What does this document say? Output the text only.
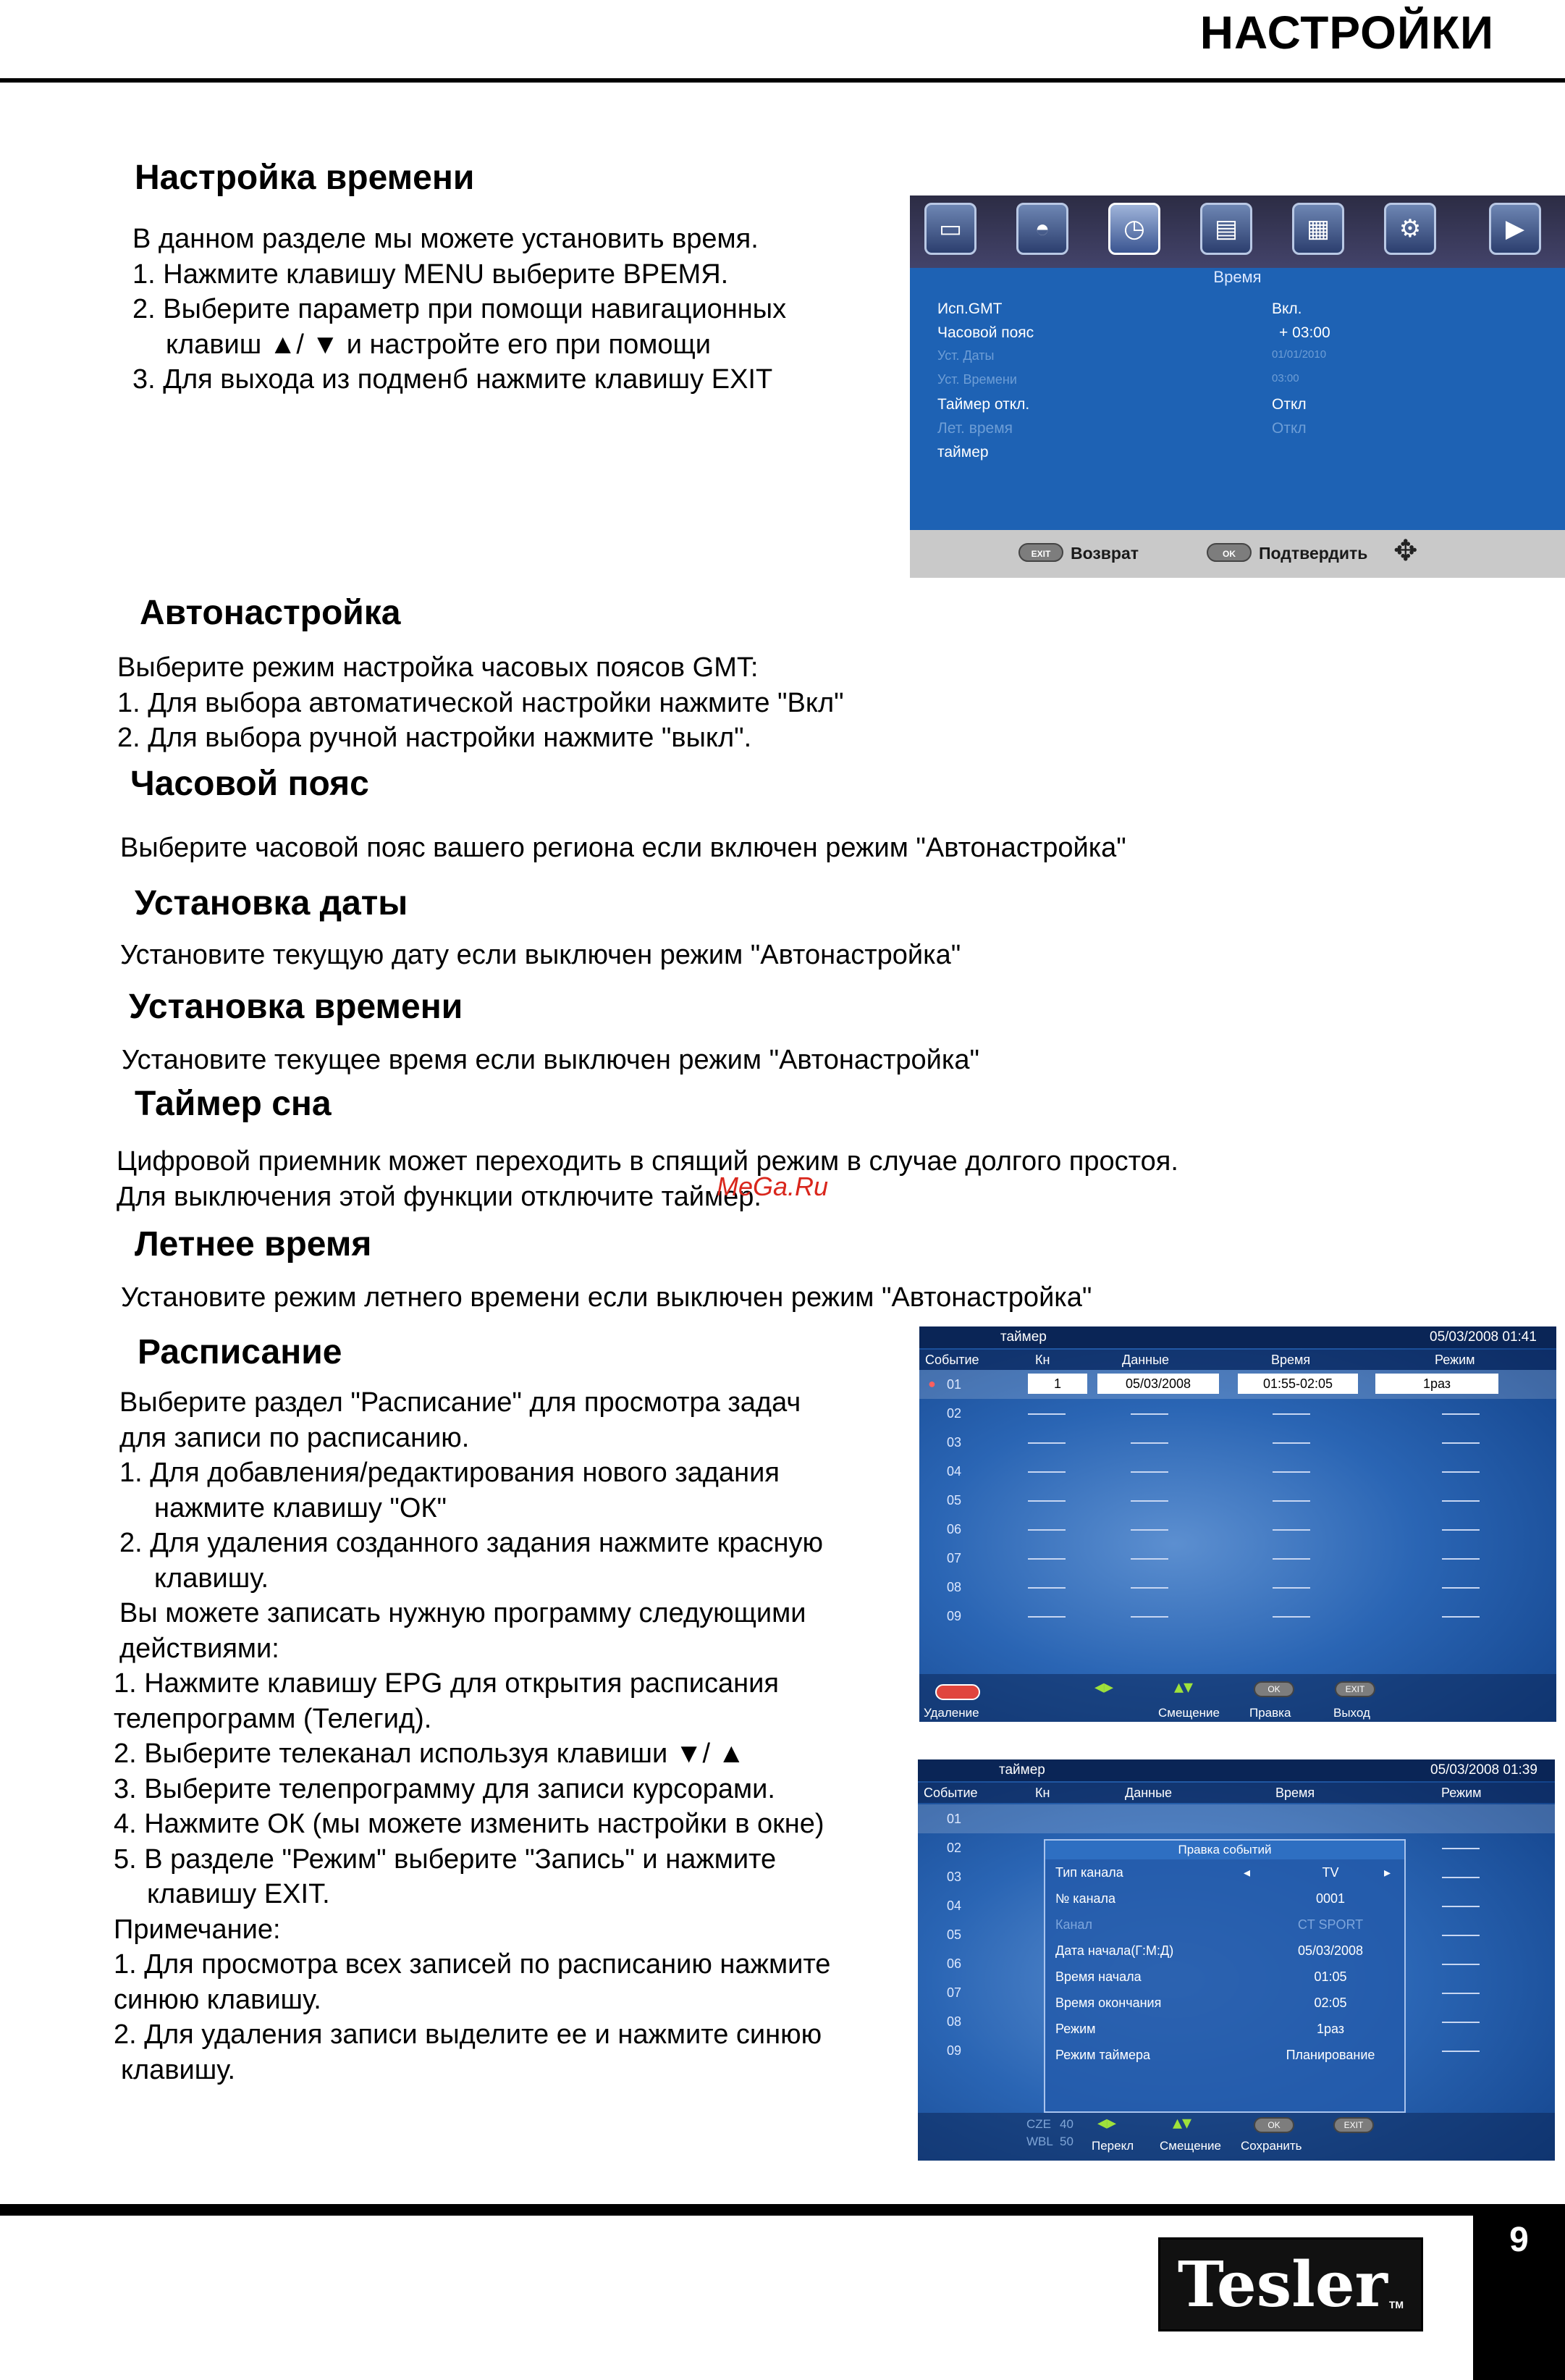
НАСТРОЙКИ
Настройка времени
В данном разделе мы можете установить время.
1. Нажмите клавишу MENU выберите ВРЕМЯ.
2. Выберите параметр при помощи навигационных
клавиш ▲/ ▼ и настройте его при помощи
3. Для выхода из подменб нажмите клавишу EXIT
▭	◓	◷	▤	▦	⚙	▶
Время
Исп.GMT	Вкл.
Часовой пояс	+ 03:00
Уст. Даты	01/01/2010
Уст. Времени	03:00
Таймер откл.	Откл
Лет. время	Откл
таймер
EXIT	Возврат	OK	Подтвердить ✥
Автонастройка
Выберите режим настройка часовых поясов GMT:
1. Для выбора автоматической настройки нажмите "Вкл"
2. Для выбора ручной настройки нажмите "выкл".
Часовой пояс
Выберите часовой пояс вашего региона если включен режим "Автонастройка"
Установка даты
Установите текущую дату если выключен режим "Автонастройка"
Установка времени
Установите текущее время если выключен режим "Автонастройка"
Таймер сна
Цифровой приемник может переходить в спящий режим в случае долгого простоя.
Для выключения этой функции отключите таймер.
MeGa.Ru
Летнее время
Установите режим летнего времени если выключен режим "Автонастройка"
Расписание
Выберите раздел "Расписание" для просмотра задач
для записи по расписанию.
1. Для добавления/редактирования нового задания
нажмите клавишу "ОК"
2. Для удаления созданного задания нажмите красную
клавишу.
Вы можете записать нужную программу следующими
действиями:
1. Нажмите клавишу EPG для открытия расписания
телепрограмм (Телегид).
2. Выберите телеканал используя клавиши ▼/ ▲
3. Выберите телепрограмму для записи курсорами.
4. Нажмите ОК (мы можете изменить настройки в окне)
5. В разделе "Режим" выберите "Запись" и нажмите
клавишу EXIT.
Примечание:
1. Для просмотра всех записей по расписанию нажмите
синюю клавишу.
2. Для удаления записи выделите ее и нажмите синюю
клавишу.
таймер	05/03/2008 01:41
Событие	Кн	Данные	Время	Режим
● 01	1	05/03/2008	01:55-02:05	1раз
02
03
04
05
06
07
08
09
Удаление
◂▸	▴▾	OK	EXIT
Смещение Правка	Выход
таймер	05/03/2008 01:39
Событие	Кн	Данные	Время	Режим
01
02
03
04
05
06
07
08
09
Правка событий
Тип канала	◂	TV	▸
№ канала	0001
Канал	CT SPORT
Дата начала(Г:М:Д)	05/03/2008
Время начала	01:05
Время окончания	02:05
Режим	1раз
Режим таймера	Планирование
CZE 40
WBL 50
◂▸	▴▾	OK	EXIT
Перекл Смещение Сохранить
9
Tesler$_{TM}$
